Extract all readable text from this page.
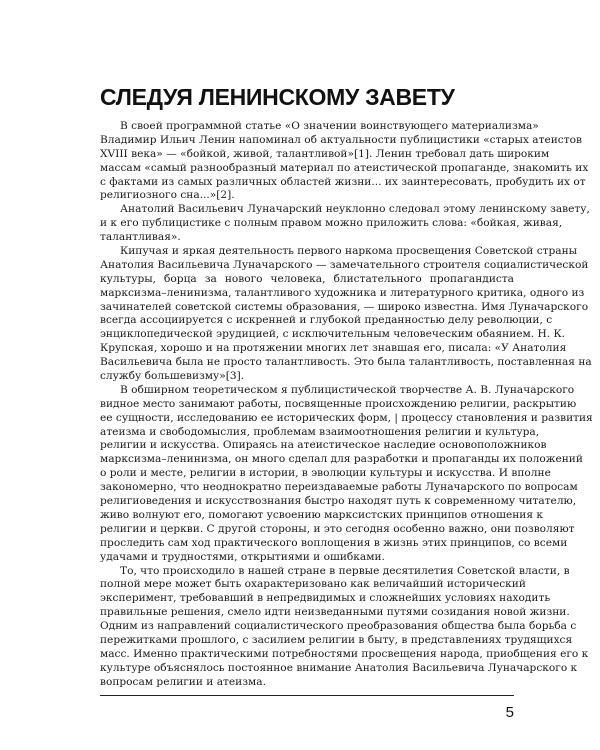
СЛЕДУЯ ЛЕНИНСКОМУ ЗАВЕТУ
В своей программной статье «О значении воинствующего материализма»
Владимир Ильич Ленин напоминал об актуальности публицистики «старых атеистов
XVIII века» — «бойкой, живой, талантливой»[1]. Ленин требовал дать широким
массам «самый разнообразный материал по атеистической пропаганде, знакомить их
с фактами из самых различных областей жизни... их заинтересовать, пробудить их от
религиозного сна...»[2].
Анатолий Васильевич Луначарский неуклонно следовал этому ленинскому завету,
и к его публицистике с полным правом можно приложить слова: «бойкая, живая,
талантливая».
Кипучая и яркая деятельность первого наркома просвещения Советской страны
Анатолия Васильевича Луначарского — замечательного строителя социалистической
культуры, борца за нового человека, блистательного пропагандиста
марксизма–ленинизма, талантливого художника и литературного критика, одного из
зачинателей советской системы образования, — широко известна. Имя Луначарского
всегда ассоциируется с искренней и глубокой преданностью делу революции, с
энциклопедической эрудицией, с исключительным человеческим обаянием. Н. К.
Крупская, хорошо и на протяжении многих лет знавшая его, писала: «У Анатолия
Васильевича была не просто талантливость. Это была талантливость, поставленная на
службу большевизму»[3].
В обширном теоретическом я публицистической творчестве А. В. Луначарского
видное место занимают работы, посвященные происхождению религии, раскрытию
ее сущности, исследованию ее исторических форм, | процессу становления и развития
атеизма и свободомыслия, проблемам взаимоотношения религии и культура,
религии и искусства. Опираясь на атеистическое наследие основоположников
марксизма–ленинизма, он много сделал для разработки и пропаганды их положений
о роли и месте, религии в истории, в эволюции культуры и искусства. И вполне
закономерно, что неоднократно переиздаваемые работы Луначарского по вопросам
религиоведения и искусствознания быстро находят путь к современному читателю,
живо волнуют его, помогают усвоению марксистских принципов отношения к
религии и церкви. С другой стороны, и это сегодня особенно важно, они позволяют
проследить сам ход практического воплощения в жизнь этих принципов, со всеми
удачами и трудностями, открытиями и ошибками.
То, что происходило в нашей стране в первые десятилетия Советской власти, в
полной мере может быть охарактеризовано как величайший исторический
эксперимент, требовавший в непредвидимых и сложнейших условиях находить
правильные решения, смело идти неизведанными путями созидания новой жизни.
Одним из направлений социалистического преобразования общества была борьба с
пережитками прошлого, с засилием религии в быту, в представлениях трудящихся
масс. Именно практическими потребностями просвещения народа, приобщения его к
культуре объяснялось постоянное внимание Анатолия Васильевича Луначарского к
вопросам религии и атеизма.
5
